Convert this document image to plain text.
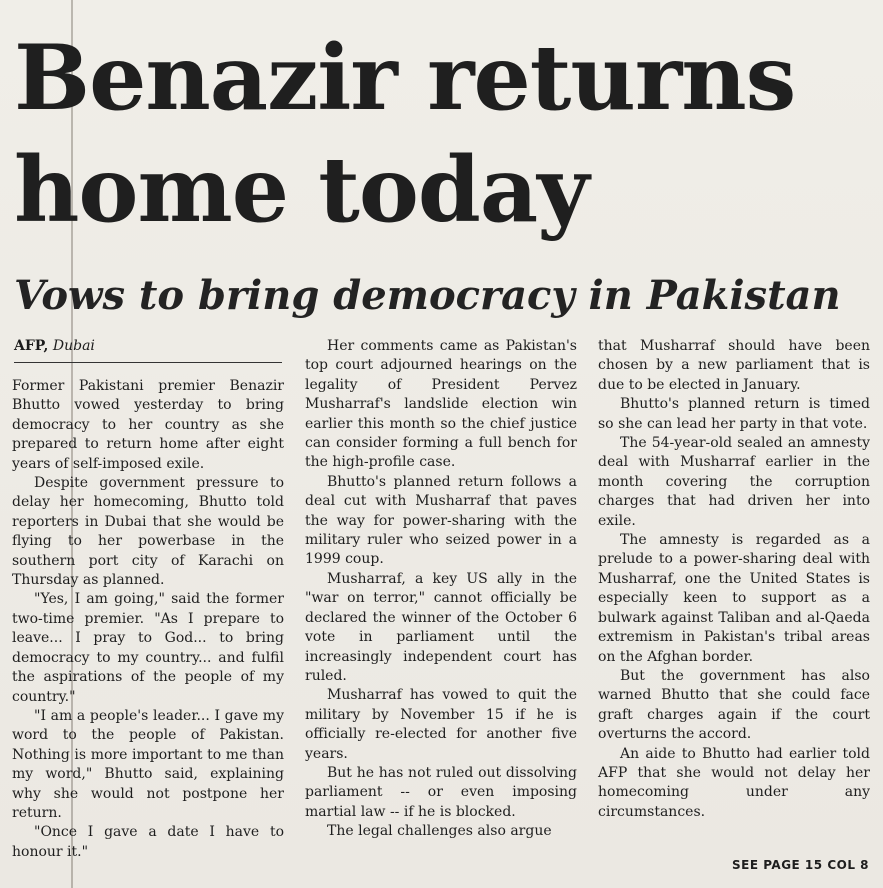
Benazir returns
home today
Vows to bring democracy in Pakistan
AFP, Dubai

Former Pakistani premier Benazir Bhutto vowed yesterday to bring democracy to her country as she prepared to return home after eight years of self-imposed exile.

Despite government pressure to delay her homecoming, Bhutto told reporters in Dubai that she would be flying to her powerbase in the southern port city of Karachi on Thursday as planned.

"Yes, I am going," said the former two-time premier. "As I prepare to leave... I pray to God... to bring democracy to my country... and fulfil the aspirations of the people of my country."

"I am a people's leader... I gave my word to the people of Pakistan. Nothing is more important to me than my word," Bhutto said, explaining why she would not postpone her return.

"Once I gave a date I have to honour it."

Her comments came as Pakistan's top court adjourned hearings on the legality of President Pervez Musharraf's landslide election win earlier this month so the chief justice can consider forming a full bench for the high-profile case.

Bhutto's planned return follows a deal cut with Musharraf that paves the way for power-sharing with the military ruler who seized power in a 1999 coup.

Musharraf, a key US ally in the "war on terror," cannot officially be declared the winner of the October 6 vote in parliament until the increasingly independent court has ruled.

Musharraf has vowed to quit the military by November 15 if he is officially re-elected for another five years.

But he has not ruled out dissolving parliament -- or even imposing martial law -- if he is blocked.

The legal challenges also argue

that Musharraf should have been chosen by a new parliament that is due to be elected in January.

Bhutto's planned return is timed so she can lead her party in that vote.

The 54-year-old sealed an amnesty deal with Musharraf earlier in the month covering the corruption charges that had driven her into exile.

The amnesty is regarded as a prelude to a power-sharing deal with Musharraf, one the United States is especially keen to support as a bulwark against Taliban and al-Qaeda extremism in Pakistan's tribal areas on the Afghan border.

But the government has also warned Bhutto that she could face graft charges again if the court overturns the accord.

An aide to Bhutto had earlier told AFP that she would not delay her homecoming under any circumstances.

SEE PAGE 15 COL 8
